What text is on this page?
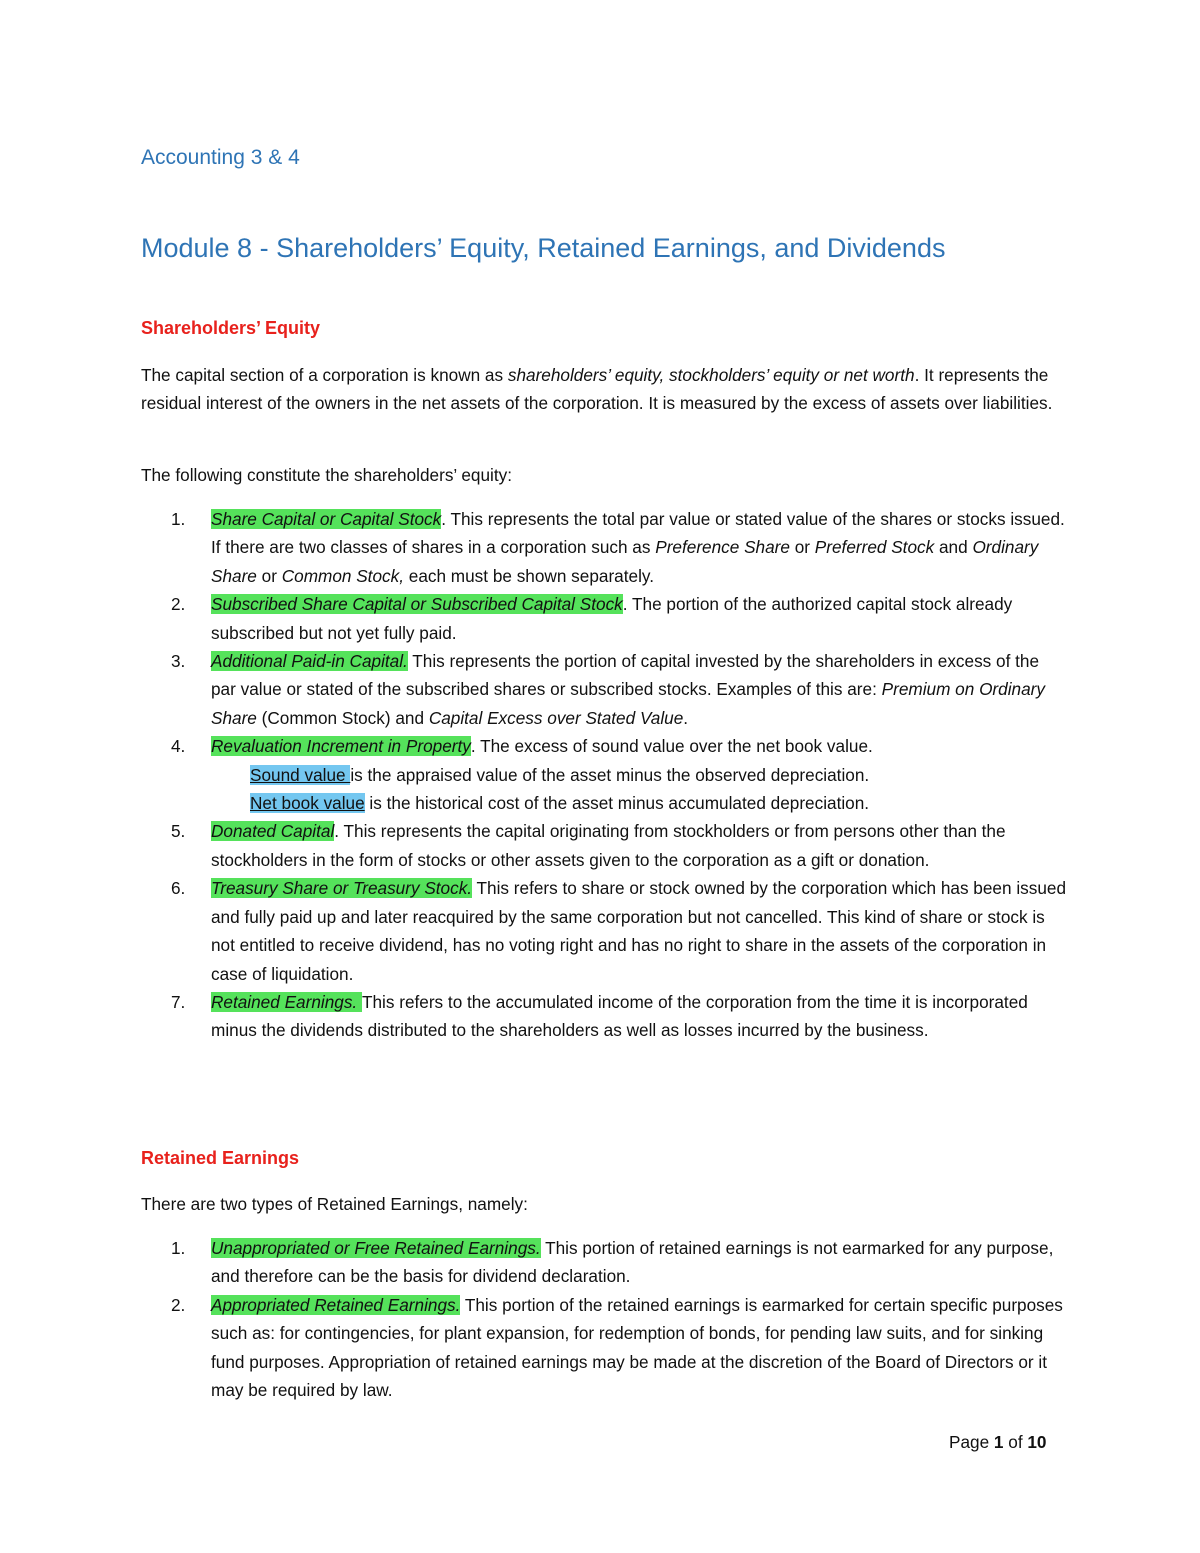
Accounting 3 & 4
Module 8 - Shareholders’ Equity, Retained Earnings, and Dividends
Shareholders’ Equity

The capital section of a corporation is known as shareholders’ equity, stockholders’ equity or net worth. It represents the residual interest of the owners in the net assets of the corporation. It is measured by the excess of assets over liabilities.

The following constitute the shareholders’ equity:

1. Share Capital or Capital Stock. This represents the total par value or stated value of the shares or stocks issued. If there are two classes of shares in a corporation such as Preference Share or Preferred Stock and Ordinary Share or Common Stock, each must be shown separately.
2. Subscribed Share Capital or Subscribed Capital Stock. The portion of the authorized capital stock already subscribed but not yet fully paid.
3. Additional Paid-in Capital. This represents the portion of capital invested by the shareholders in excess of the par value or stated of the subscribed shares or subscribed stocks. Examples of this are: Premium on Ordinary Share (Common Stock) and Capital Excess over Stated Value.
4. Revaluation Increment in Property. The excess of sound value over the net book value.
Sound value is the appraised value of the asset minus the observed depreciation.
Net book value is the historical cost of the asset minus accumulated depreciation.
5. Donated Capital. This represents the capital originating from stockholders or from persons other than the stockholders in the form of stocks or other assets given to the corporation as a gift or donation.
6. Treasury Share or Treasury Stock. This refers to share or stock owned by the corporation which has been issued and fully paid up and later reacquired by the same corporation but not cancelled. This kind of share or stock is not entitled to receive dividend, has no voting right and has no right to share in the assets of the corporation in case of liquidation.
7. Retained Earnings. This refers to the accumulated income of the corporation from the time it is incorporated minus the dividends distributed to the shareholders as well as losses incurred by the business.
Retained Earnings

There are two types of Retained Earnings, namely:

1. Unappropriated or Free Retained Earnings. This portion of retained earnings is not earmarked for any purpose, and therefore can be the basis for dividend declaration.
2. Appropriated Retained Earnings. This portion of the retained earnings is earmarked for certain specific purposes such as: for contingencies, for plant expansion, for redemption of bonds, for pending law suits, and for sinking fund purposes. Appropriation of retained earnings may be made at the discretion of the Board of Directors or it may be required by law.
Page 1 of 10
